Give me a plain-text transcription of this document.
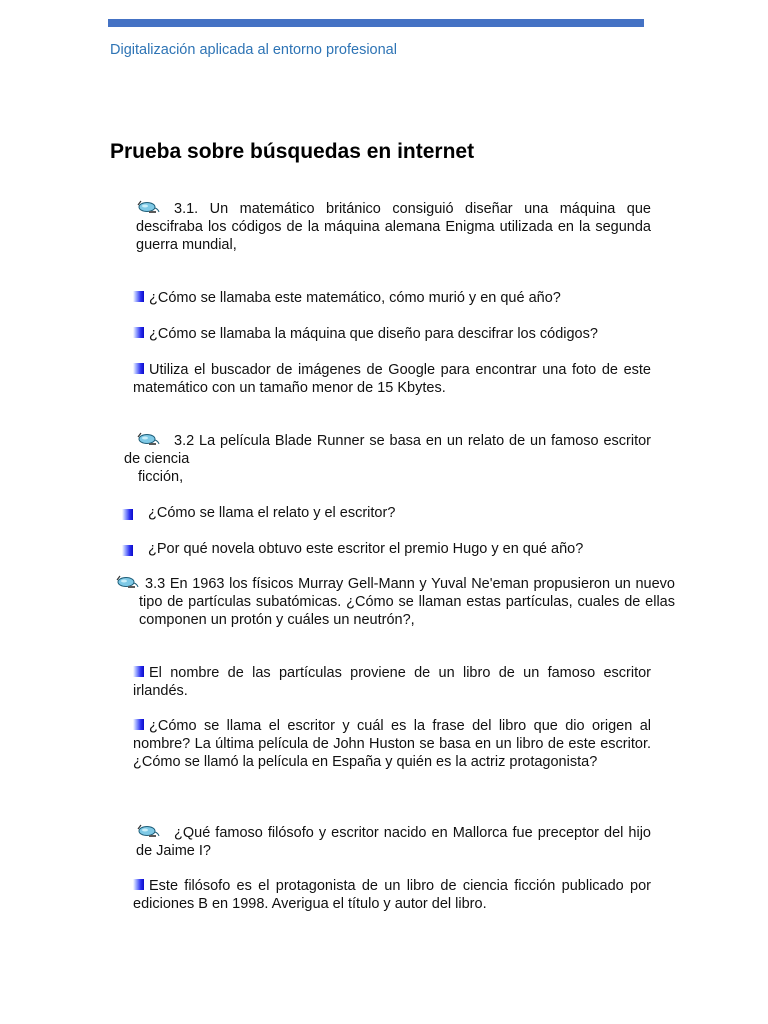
Digitalización aplicada al entorno profesional
Prueba sobre búsquedas en internet
3.1. Un matemático británico consiguió diseñar una máquina que descifraba los códigos de la máquina alemana Enigma utilizada en la segunda guerra mundial,
¿Cómo se llamaba este matemático, cómo murió y en qué año?
¿Cómo se llamaba la máquina que diseño para descifrar los códigos?
Utiliza el buscador de imágenes de Google para encontrar una foto de este matemático con un tamaño menor de 15 Kbytes.
3.2 La película Blade Runner se basa en un relato de un famoso escritor de ciencia
ficción,
¿Cómo se llama el relato y el escritor?
¿Por qué novela obtuvo este escritor el premio Hugo y en qué año?
3.3 En 1963 los físicos Murray Gell-Mann y Yuval Ne'eman propusieron un nuevo tipo de partículas subatómicas. ¿Cómo se llaman estas partículas, cuales de ellas componen un protón y cuáles un neutrón?,
El nombre de las partículas proviene de un libro de un famoso escritor irlandés.
¿Cómo se llama el escritor y cuál es la frase del libro que dio origen al nombre? La última película de John Huston se basa en un libro de este escritor. ¿Cómo se llamó la película en España y quién es la actriz protagonista?
¿Qué famoso filósofo y escritor nacido en Mallorca fue preceptor del hijo de Jaime I?
Este filósofo es el protagonista de un libro de ciencia ficción publicado por ediciones B en 1998. Averigua el título y autor del libro.
